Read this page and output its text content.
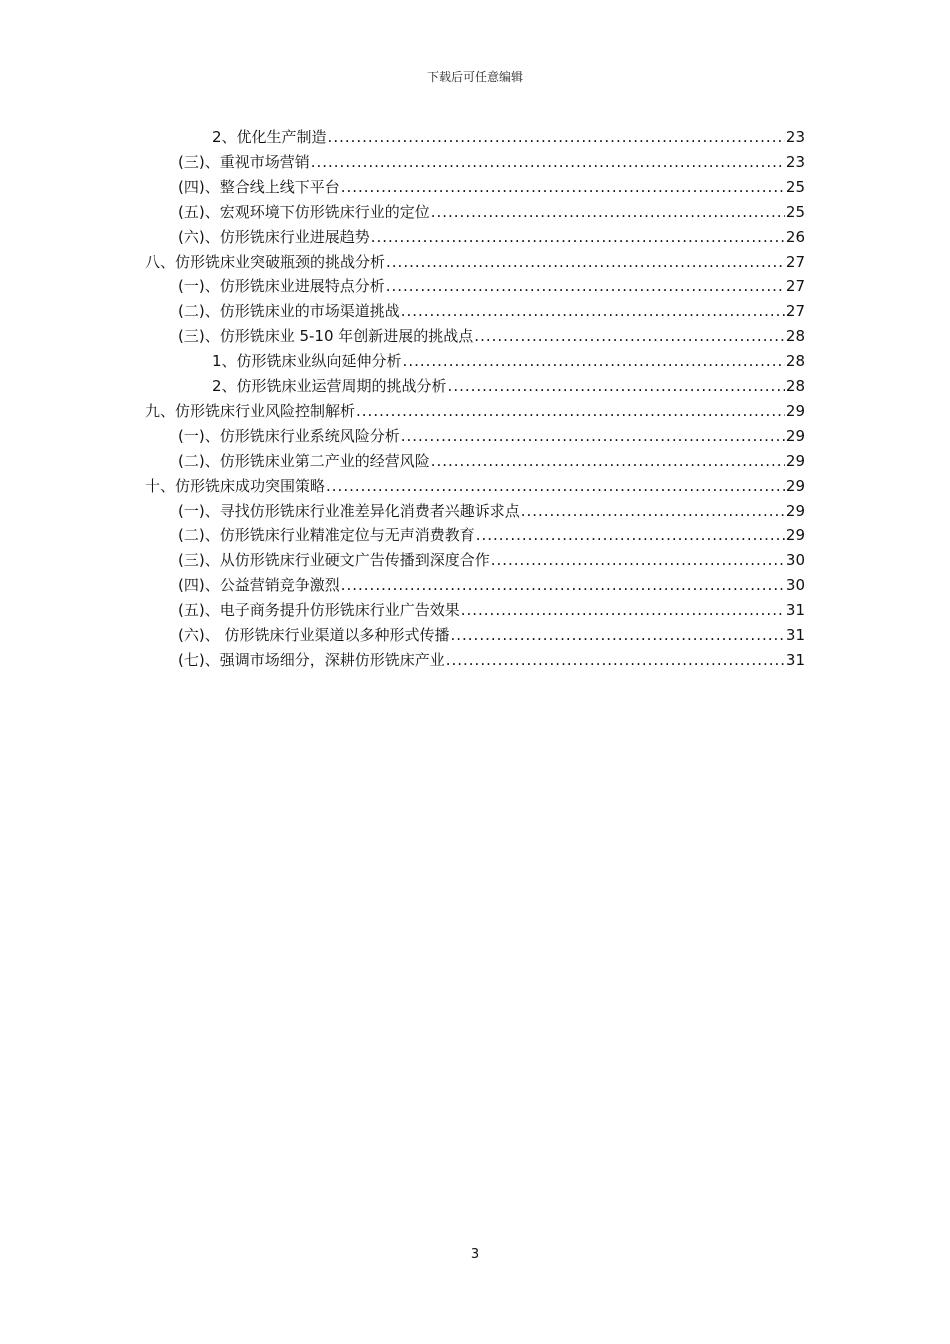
下载后可任意编辑
2、优化生产制造 .....	23
(三)、重视市场营销 .....	23
(四)、整合线上线下平台 .....	25
(五)、宏观环境下仿形铣床行业的定位 .....	25
(六)、仿形铣床行业进展趋势 .....	26
八、仿形铣床业突破瓶颈的挑战分析 .....	27
(一)、仿形铣床业进展特点分析 .....	27
(二)、仿形铣床业的市场渠道挑战 .....	27
(三)、仿形铣床业 5-10 年创新进展的挑战点 .....	28
1、仿形铣床业纵向延伸分析 .....	28
2、仿形铣床业运营周期的挑战分析 .....	28
九、仿形铣床行业风险控制解析 .....	29
(一)、仿形铣床行业系统风险分析 .....	29
(二)、仿形铣床业第二产业的经营风险 .....	29
十、仿形铣床成功突围策略 .....	29
(一)、寻找仿形铣床行业准差异化消费者兴趣诉求点 .....	29
(二)、仿形铣床行业精准定位与无声消费教育 .....	29
(三)、从仿形铣床行业硬文广告传播到深度合作 .....	30
(四)、公益营销竞争激烈 .....	30
(五)、电子商务提升仿形铣床行业广告效果 .....	31
(六)、 仿形铣床行业渠道以多种形式传播 .....	31
(七)、强调市场细分，深耕仿形铣床产业 .....	31
3
